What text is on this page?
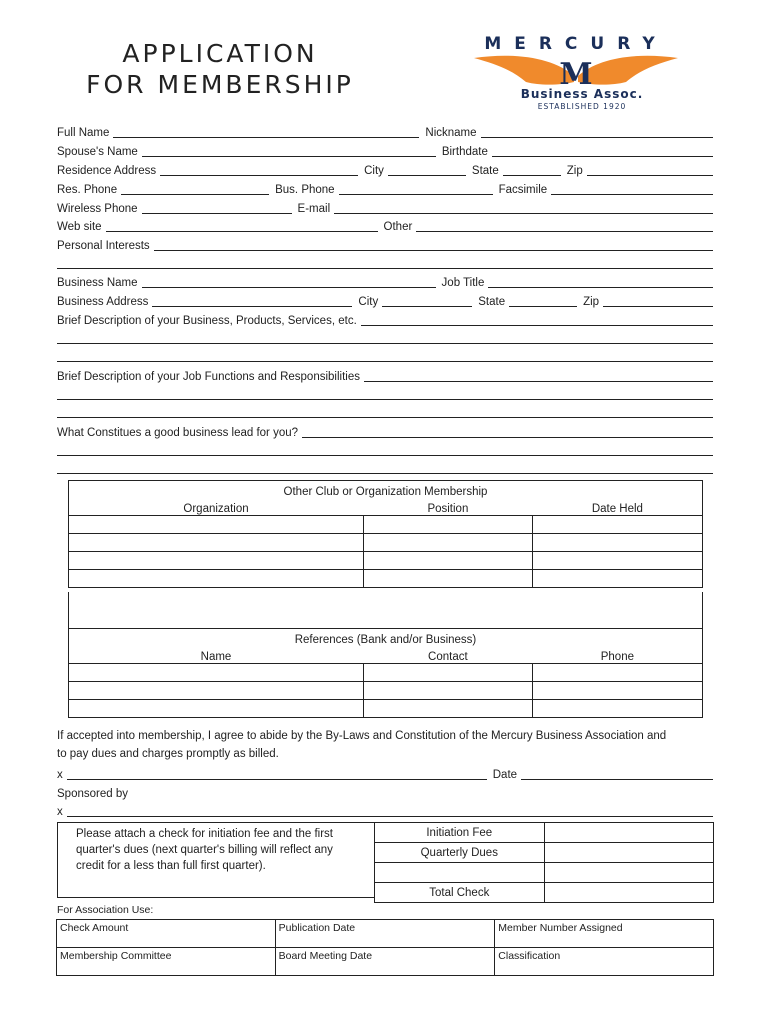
APPLICATION
FOR MEMBERSHIP
MERCURY
M
Business Assoc.
ESTABLISHED 1920
Full Name	Nickname
Spouse's Name	Birthdate
Residence Address	City	State	Zip
Res. Phone	Bus. Phone	Facsimile
Wireless Phone	E-mail
Web site	Other
Personal Interests
Business Name	Job Title
Business Address	City	State	Zip
Brief Description of your Business, Products, Services, etc.
Brief Description of your Job Functions and Responsibilities
What Constitues a good business lead for you?
Other Club or Organization Membership		
Organization	Position	Date Held

References (Bank and/or Business)		
Name	Contact	Phone

If accepted into membership, I agree to abide by the By-Laws and Constitution of the Mercury Business Association and
to pay dues and charges promptly as billed.
x	Date
Sponsored by
x
Please attach a check for initiation fee and the first quarter's dues (next quarter's billing will reflect any credit for a less than full first quarter).
Initiation Fee	
Quarterly Dues	

Total Check	
For Association Use:
Check Amount	Publication Date	Member Number Assigned
Membership Committee	Board Meeting Date	Classification
